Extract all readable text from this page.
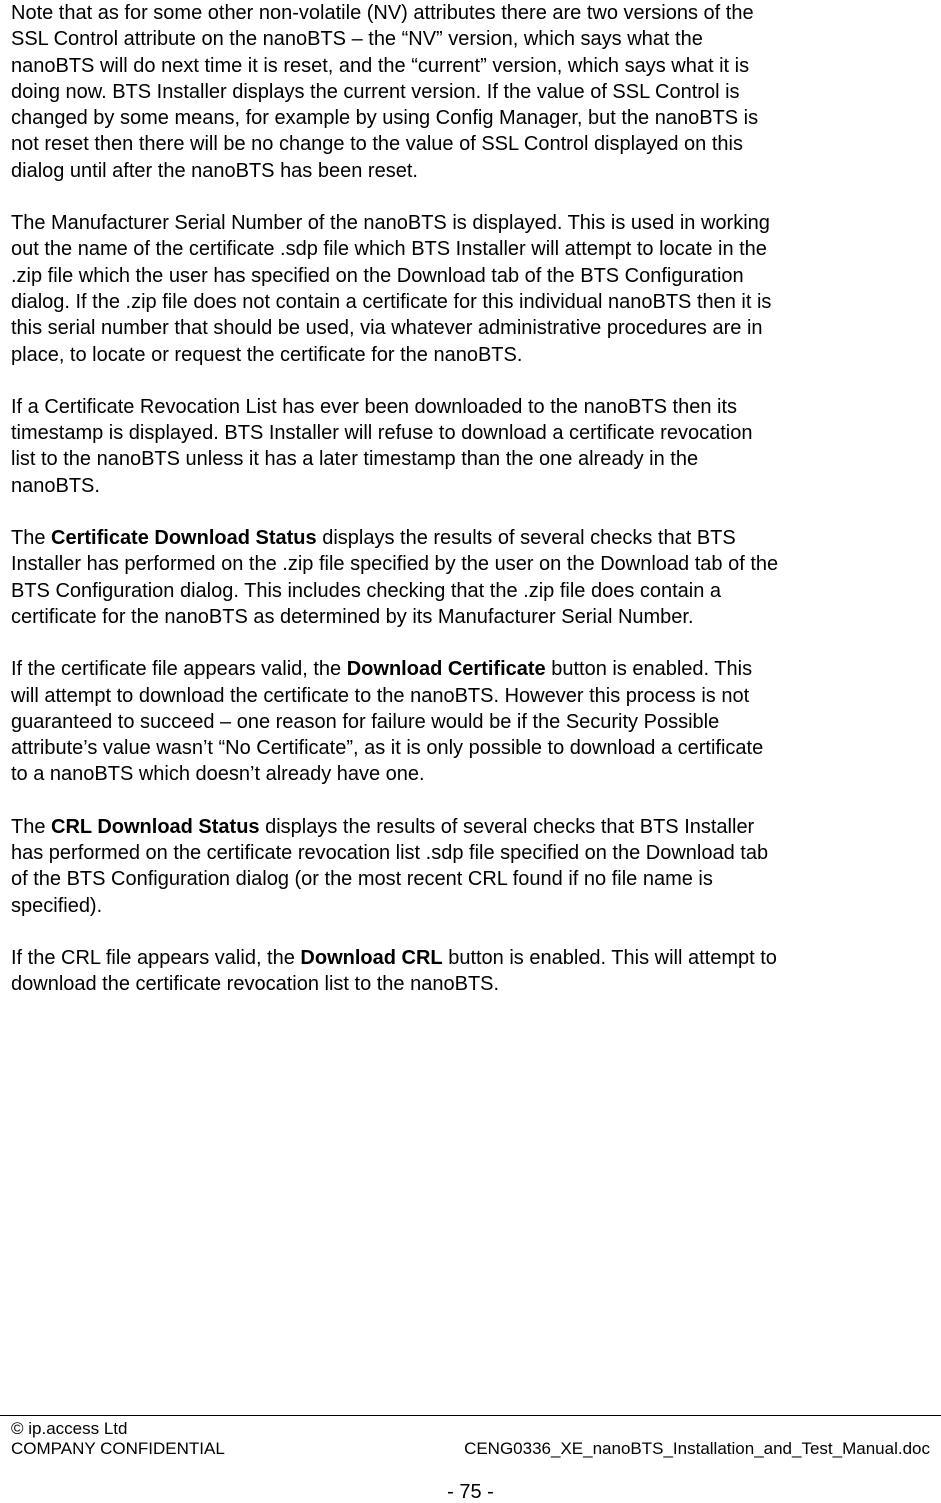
Note that as for some other non-volatile (NV) attributes there are two versions of the
SSL Control attribute on the nanoBTS – the “NV” version, which says what the
nanoBTS will do next time it is reset, and the “current” version, which says what it is
doing now. BTS Installer displays the current version. If the value of SSL Control is
changed by some means, for example by using Config Manager, but the nanoBTS is
not reset then there will be no change to the value of SSL Control displayed on this
dialog until after the nanoBTS has been reset.

The Manufacturer Serial Number of the nanoBTS is displayed. This is used in working
out the name of the certificate .sdp file which BTS Installer will attempt to locate in the
.zip file which the user has specified on the Download tab of the BTS Configuration
dialog. If the .zip file does not contain a certificate for this individual nanoBTS then it is
this serial number that should be used, via whatever administrative procedures are in
place, to locate or request the certificate for the nanoBTS.

If a Certificate Revocation List has ever been downloaded to the nanoBTS then its
timestamp is displayed. BTS Installer will refuse to download a certificate revocation
list to the nanoBTS unless it has a later timestamp than the one already in the
nanoBTS.

The Certificate Download Status displays the results of several checks that BTS
Installer has performed on the .zip file specified by the user on the Download tab of the
BTS Configuration dialog. This includes checking that the .zip file does contain a
certificate for the nanoBTS as determined by its Manufacturer Serial Number.

If the certificate file appears valid, the Download Certificate button is enabled. This
will attempt to download the certificate to the nanoBTS. However this process is not
guaranteed to succeed – one reason for failure would be if the Security Possible
attribute’s value wasn’t “No Certificate”, as it is only possible to download a certificate
to a nanoBTS which doesn’t already have one.

The CRL Download Status displays the results of several checks that BTS Installer
has performed on the certificate revocation list .sdp file specified on the Download tab
of the BTS Configuration dialog (or the most recent CRL found if no file name is
specified).

If the CRL file appears valid, the Download CRL button is enabled. This will attempt to
download the certificate revocation list to the nanoBTS.

© ip.access Ltd
COMPANY CONFIDENTIAL	CENG0336_XE_nanoBTS_Installation_and_Test_Manual.doc
- 75 -
